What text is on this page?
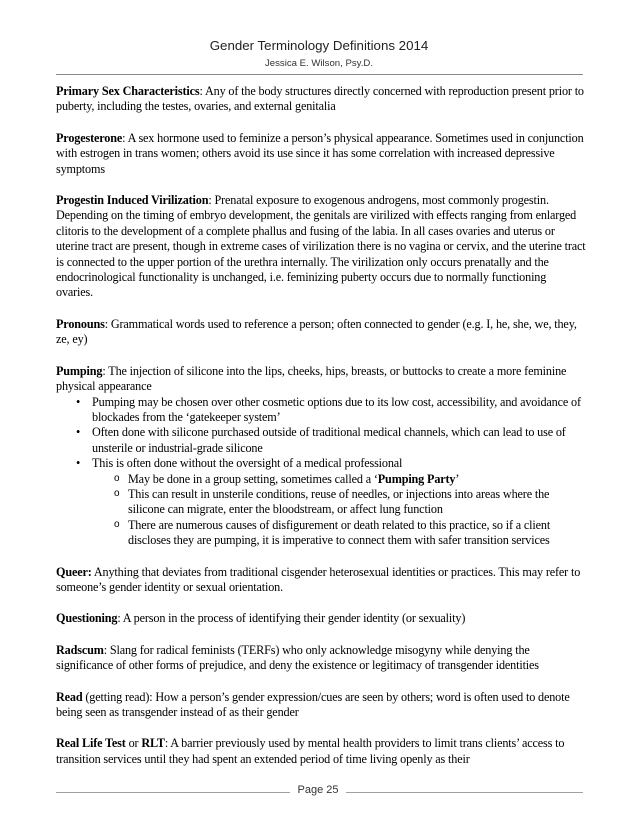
Gender Terminology Definitions 2014
Jessica E. Wilson, Psy.D.
Primary Sex Characteristics: Any of the body structures directly concerned with reproduction present prior to puberty, including the testes, ovaries, and external genitalia
Progesterone: A sex hormone used to feminize a person’s physical appearance. Sometimes used in conjunction with estrogen in trans women; others avoid its use since it has some correlation with increased depressive symptoms
Progestin Induced Virilization: Prenatal exposure to exogenous androgens, most commonly progestin. Depending on the timing of embryo development, the genitals are virilized with effects ranging from enlarged clitoris to the development of a complete phallus and fusing of the labia. In all cases ovaries and uterus or uterine tract are present, though in extreme cases of virilization there is no vagina or cervix, and the uterine tract is connected to the upper portion of the urethra internally. The virilization only occurs prenatally and the endocrinological functionality is unchanged, i.e. feminizing puberty occurs due to normally functioning ovaries.
Pronouns: Grammatical words used to reference a person; often connected to gender (e.g. I, he, she, we, they, ze, ey)
Pumping: The injection of silicone into the lips, cheeks, hips, breasts, or buttocks to create a more feminine physical appearance
• Pumping may be chosen over other cosmetic options due to its low cost, accessibility, and avoidance of blockades from the ‘gatekeeper system’
• Often done with silicone purchased outside of traditional medical channels, which can lead to use of unsterile or industrial-grade silicone
• This is often done without the oversight of a medical professional
o May be done in a group setting, sometimes called a ‘Pumping Party’
o This can result in unsterile conditions, reuse of needles, or injections into areas where the silicone can migrate, enter the bloodstream, or affect lung function
o There are numerous causes of disfigurement or death related to this practice, so if a client discloses they are pumping, it is imperative to connect them with safer transition services
Queer: Anything that deviates from traditional cisgender heterosexual identities or practices. This may refer to someone’s gender identity or sexual orientation.
Questioning: A person in the process of identifying their gender identity (or sexuality)
Radscum: Slang for radical feminists (TERFs) who only acknowledge misogyny while denying the significance of other forms of prejudice, and deny the existence or legitimacy of transgender identities
Read (getting read): How a person’s gender expression/cues are seen by others; word is often used to denote being seen as transgender instead of as their gender
Real Life Test or RLT: A barrier previously used by mental health providers to limit trans clients’ access to transition services until they had spent an extended period of time living openly as their
Page 25
